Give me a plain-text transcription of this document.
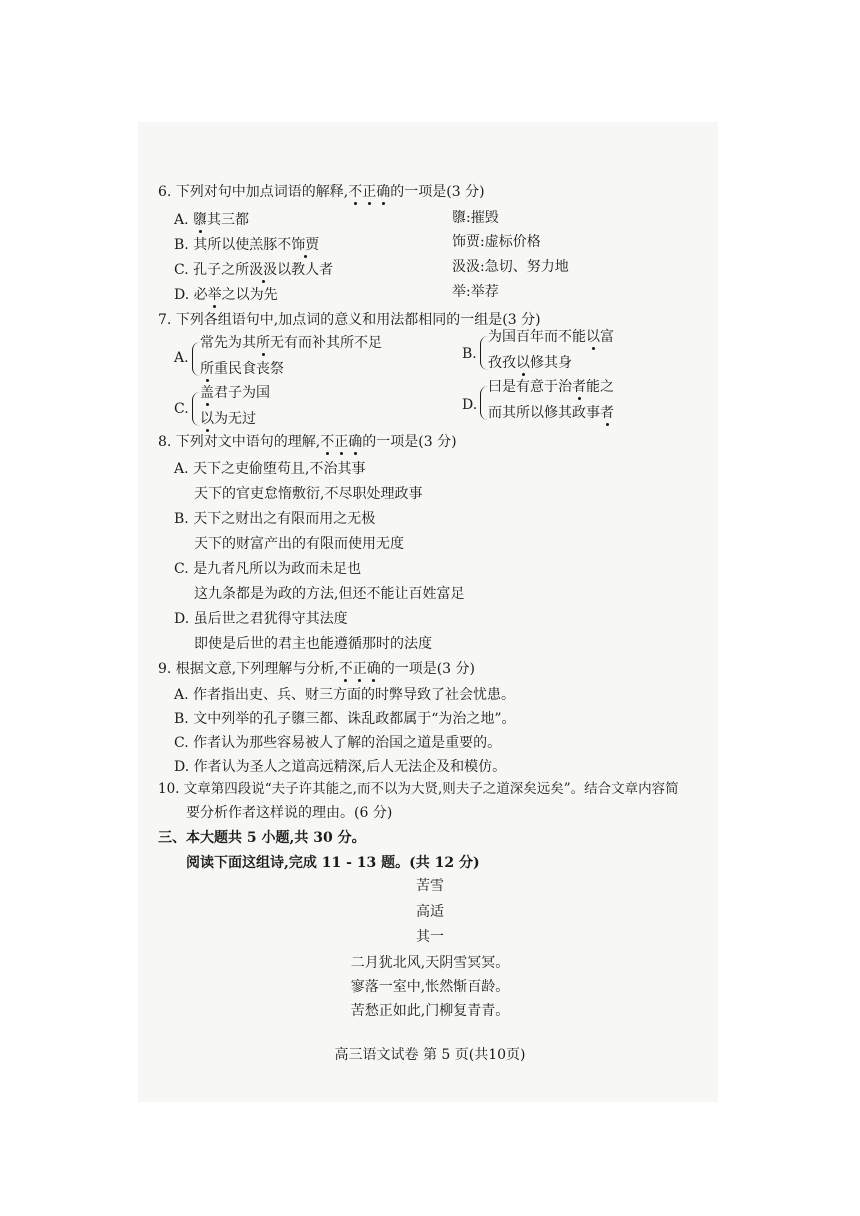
6. 下列对句中加点词语的解释,不正确的一项是(3 分)
A. 隳其三都	隳:摧毁
B. 其所以使羔豚不饰贾	饰贾:虚标价格
C. 孔子之所汲汲以教人者	汲汲:急切、努力地
D. 必举之以为先	举:举荐
7. 下列各组语句中,加点词的意义和用法都相同的一组是(3 分)
A.
常先为其所无有而补其所不足
所重民食丧祭
B.
为国百年而不能以富
孜孜以修其身
C.
盖君子为国
以为无过
D.
曰是有意于治者能之
而其所以修其政事者
8. 下列对文中语句的理解,不正确的一项是(3 分)
A. 天下之吏偷堕苟且,不治其事
天下的官吏怠惰敷衍,不尽职处理政事
B. 天下之财出之有限而用之无极
天下的财富产出的有限而使用无度
C. 是九者凡所以为政而未足也
这九条都是为政的方法,但还不能让百姓富足
D. 虽后世之君犹得守其法度
即使是后世的君主也能遵循那时的法度
9. 根据文意,下列理解与分析,不正确的一项是(3 分)
A. 作者指出吏、兵、财三方面的时弊导致了社会忧患。
B. 文中列举的孔子隳三都、诛乱政都属于“为治之地”。
C. 作者认为那些容易被人了解的治国之道是重要的。
D. 作者认为圣人之道高远精深,后人无法企及和模仿。
10. 文章第四段说“夫子许其能之,而不以为大贤,则夫子之道深矣远矣”。结合文章内容简
要分析作者这样说的理由。(6 分)
三、本大题共 5 小题,共 30 分。
阅读下面这组诗,完成 11 - 13 题。(共 12 分)
苦雪
高适
其一
二月犹北风,天阴雪冥冥。
寥落一室中,怅然惭百龄。
苦愁正如此,门柳复青青。
高三语文试卷 第 5 页(共10页)
